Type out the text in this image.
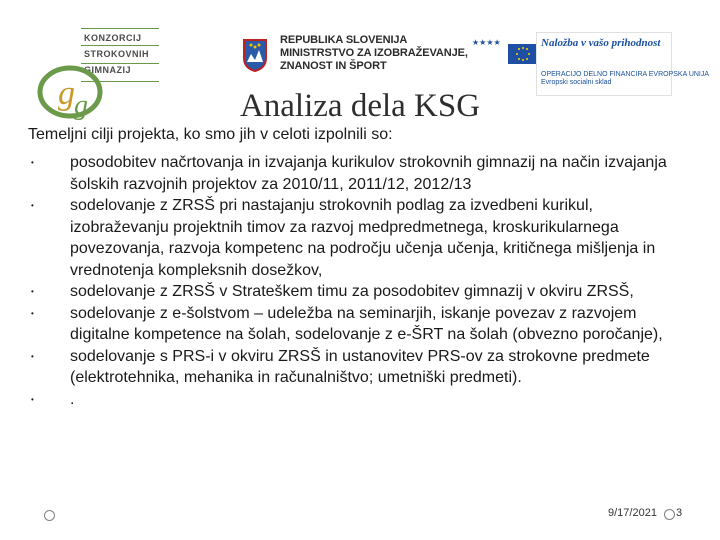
KONZORCIJ
STROKOVNIH
GIMNAZIJ
g g
REPUBLIKA SLOVENIJA
MINISTRSTVO ZA IZOBRAŽEVANJE,
ZNANOST IN ŠPORT
★★★★	Naložba v vašo prihodnost
OPERACIJO DELNO FINANCIRA EVROPSKA UNIJA
Evropski socialni sklad
Analiza dela KSG
Temeljni cilji projekta, ko smo jih v celoti izpolnili so:
• posodobitev načrtovanja in izvajanja kurikulov strokovnih gimnazij na način izvajanja šolskih razvojnih projektov za 2010/11, 2011/12, 2012/13
• sodelovanje z ZRSŠ pri nastajanju strokovnih podlag za izvedbeni kurikul, izobraževanju projektnih timov za razvoj medpredmetnega, kroskurikularnega povezovanja, razvoja kompetenc na področju učenja učenja, kritičnega mišljenja in vrednotenja kompleksnih dosežkov,
• sodelovanje z ZRSŠ v Strateškem timu za posodobitev gimnazij v okviru ZRSŠ,
• sodelovanje z e-šolstvom – udeležba na seminarjih, iskanje povezav z razvojem digitalne kompetence na šolah, sodelovanje z e-ŠRT na šolah (obvezno poročanje),
• sodelovanje s PRS-i v okviru ZRSŠ in ustanovitev PRS-ov za strokovne predmete (elektrotehnika, mehanika in računalništvo; umetniški predmeti).
• .
9/17/2021 3
